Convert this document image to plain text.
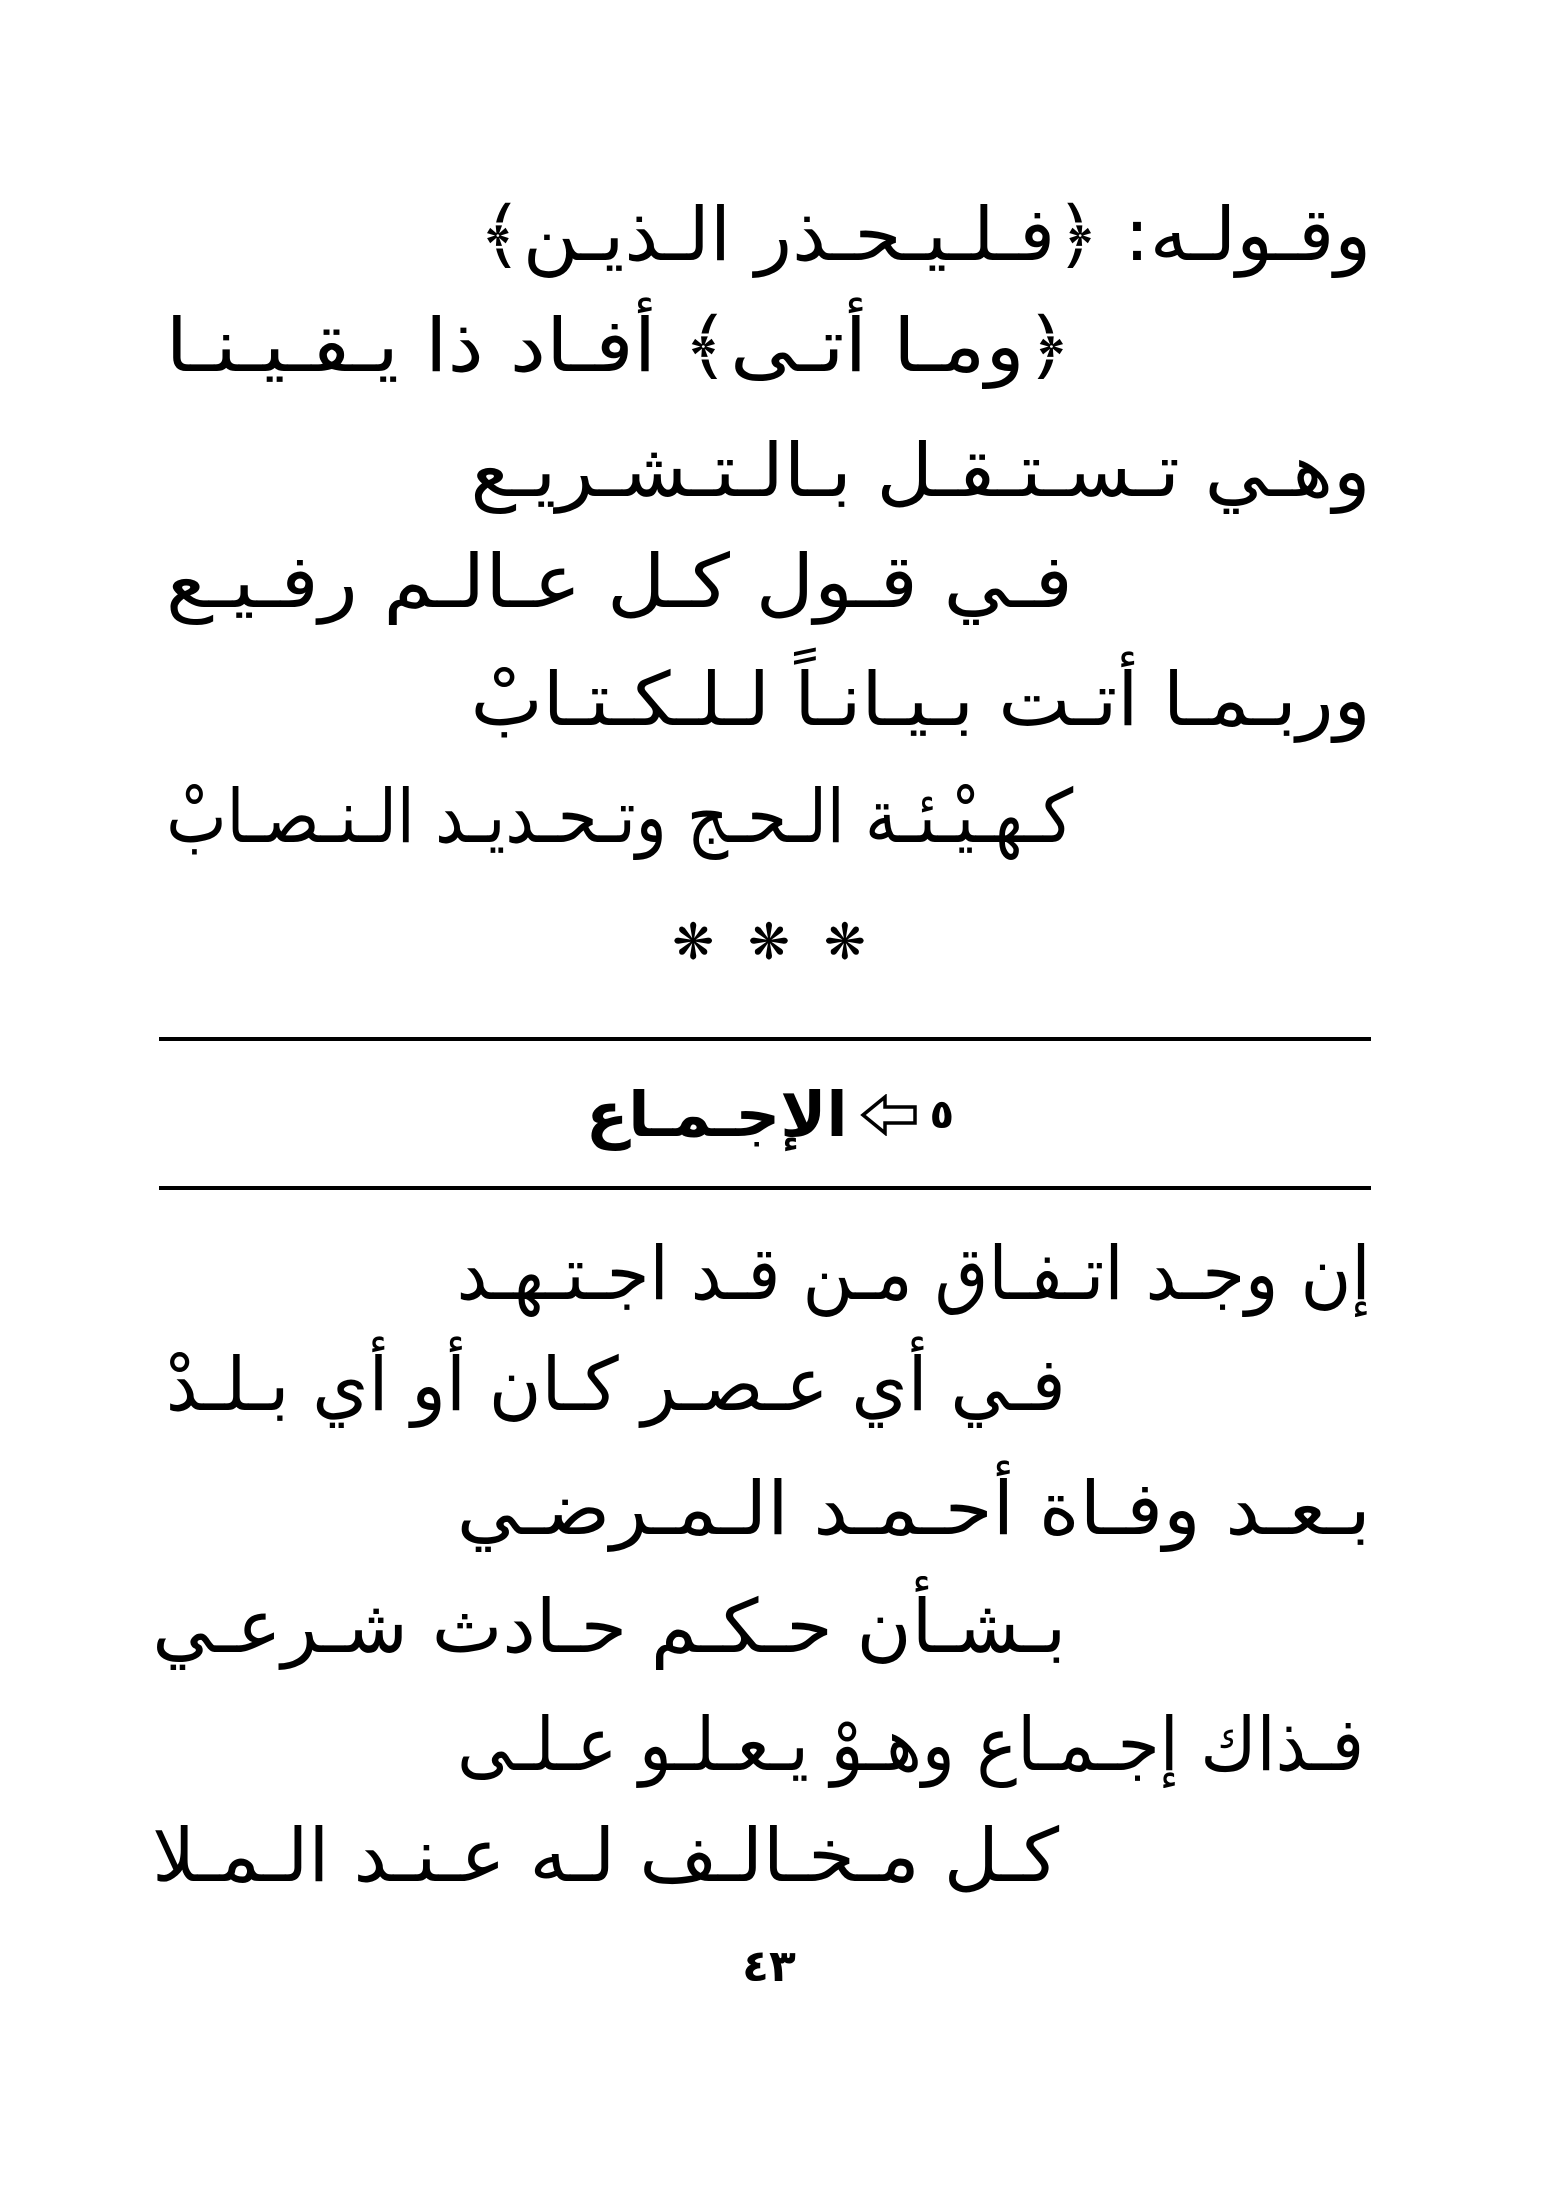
وقـولـه: ﴿فـلـيـحـذر الـذيـن﴾
﴿ومـا أتـى﴾ أفـاد ذا يـقـيـنـا
وهـي تـسـتـقـل بـالـتـشـريـع
فـي قـول كـل عـالـم رفـيـع
وربـمـا أتـت بـيـانـاً لـلـكـتـابْ
كـهـيْـئـة الـحـج وتـحـديـد الـنـصـابْ
❋ ❋ ❋
٥
الإجـمـاع
إن وجـد اتـفـاق مـن قـد اجـتـهـد
فـي أي عـصـر كـان أو أي بـلـدْ
بـعـد وفـاة أحـمـد الـمـرضـي
بـشـأن حـكـم حـادث شـرعـي
فـذاك إجـمـاع وهـوْ يـعـلـو عـلـى
كـل مـخـالـف لـه عـنـد الـمـلا
٤٣
